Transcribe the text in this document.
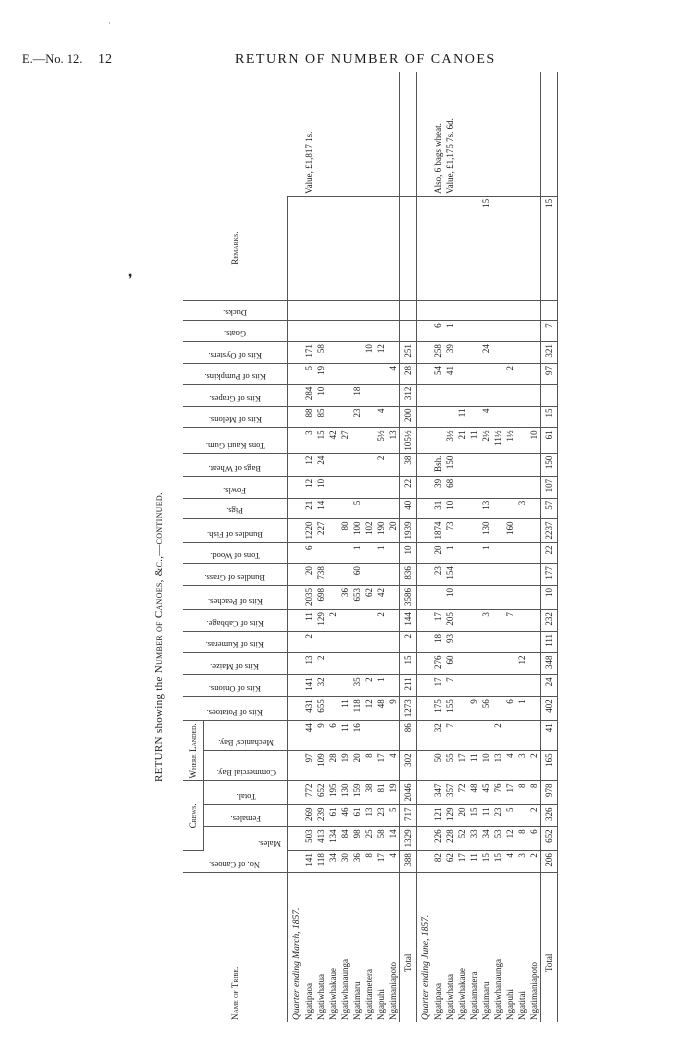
E.—No. 12. 12	RETURN OF NUMBER OF CANOES
·
❜
RETURN showing the Number of Canoes, &c.,—continued.
Name of Tribe.	No. of Canoes.	Crews.			Where Landed.		Kits of Potatoes.	Kits of Onions.	Kits of Maize.	Kits of Kumeras.	Kits of Cabbage.	Kits of Peaches.	Bundles of Grass.	Tons of Wood.	Bundles of Fish.	Pigs.	Fowls.	Bags of Wheat.	Tons Kauri Gum.	Kits of Melons.	Kits of Grapes.	Kits of Pumpkins.	Kits of Oysters.	Goats.	Ducks.	Remarks.	

		Males.	Females.	Total.	Commercial Bay.	Mechanics' Bay.																					

Quarter ending March, 1857.																											
Ngatipaoa	141	503	269	772	97	44	431	141	13	2	11	2035	20	6	1220	21	12	12	3	88	284	5	171				Value, £1,817 1s.
Ngatiwhatua	118	413	239	652	109	9	655	32	2		129	698	738		227	14	10	24	15	85	10	19	58				
Ngatiwhakaue	34	134	61	195	28	6					2								42								
Ngatiwhanaunga	30	84	46	130	19	11	11					36			80				27								
Ngatimaru	36	98	61	159	20	16	118	35				653	60	1	100	5				23	18						
Ngatitametera	8	25	13	38	8		12	2				62			102								10				
Ngapuhi	17	58	23	81	17		48	1			2	42		1	190			2	5½	4			12				
Ngatimaniapoto	4	14	5	19	4		9								20				13			4					
Total	388	1329	717	2046	302	86	1273	211	15	2	144	3586	836	10	1939	40	22	38	105½	200	312	28	251				
Quarter ending June, 1857.																											
Ngatipaoa	82	226	121	347	50	32	175	17	276	18	17		23	20	1874	31	39	Bsh.				54	258	6			Also, 6 bags wheat.
Ngatiwhatua	62	228	129	357	55	7	155	7	60	93	205	10	154	1	73	10	68	150	3½			41	39	1			Value, £1,175 7s. 6d.
Ngatiwhakaue	17	52	20	72	17														21	11							
Ngatiamatera	11	33	15	48	11		9												11								
Ngatimaru	15	34	11	45	10		56				3			1	130	13			2½	4			24			15	
Ngatiwhanaunga	15	53	23	76	13	2													11½								
Ngapuhi	4	12	5	17	4		6				7				160				1½			2					
Ngatitai	3	8		8	3		1		12							3											
Ngatimaniapoto	2	6	2	8	2														10								
Total	206	652	326	978	165	41	402	24	348	111	232	10	177	22	2237	57	107	150	61	15		97	321	7		15	
